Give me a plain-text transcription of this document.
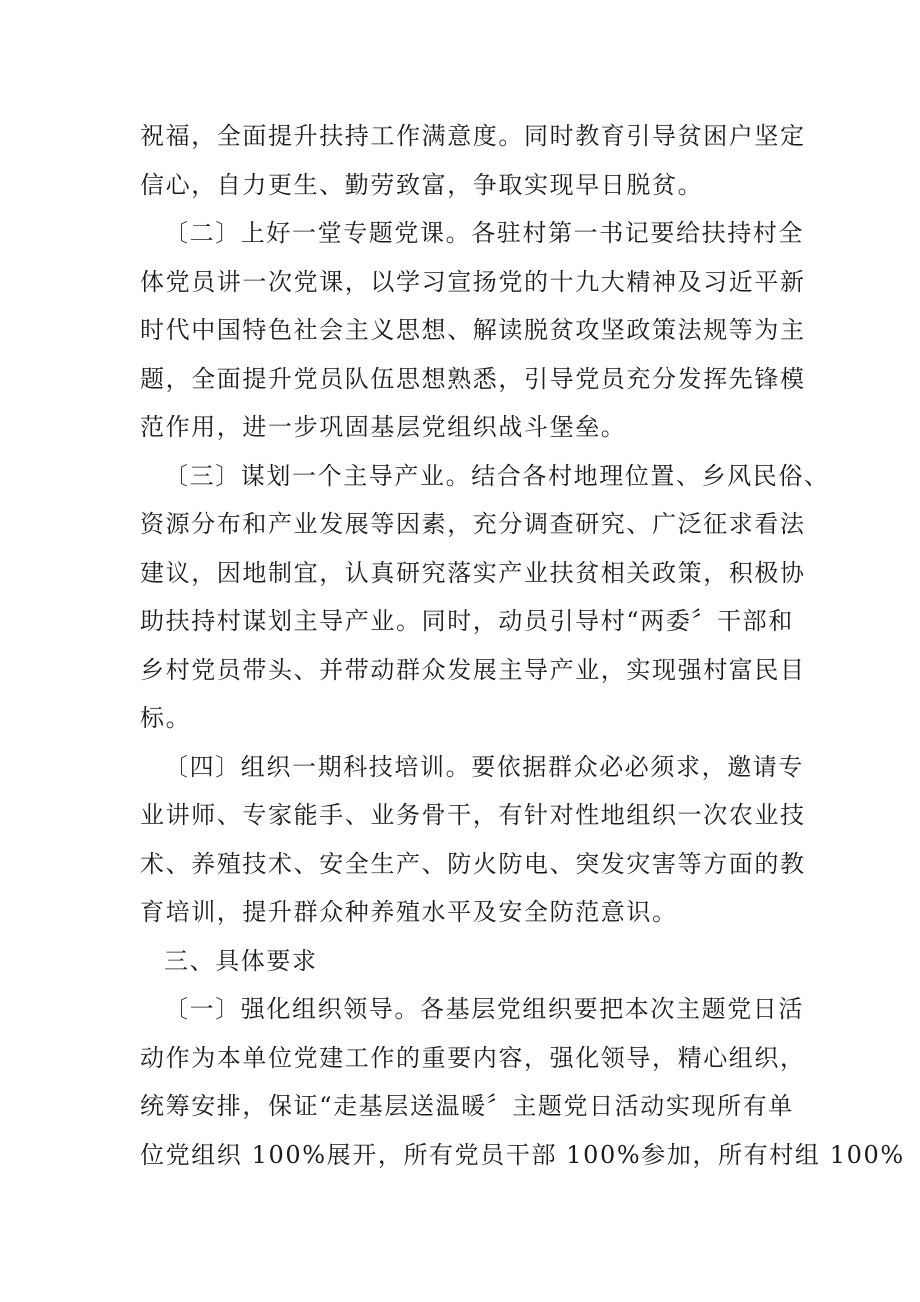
祝福，全面提升扶持工作满意度。同时教育引导贫困户坚定
信心，自力更生、勤劳致富，争取实现早日脱贫。
〔二〕上好一堂专题党课。各驻村第一书记要给扶持村全
体党员讲一次党课，以学习宣扬党的十九大精神及习近平新
时代中国特色社会主义思想、解读脱贫攻坚政策法规等为主
题，全面提升党员队伍思想熟悉，引导党员充分发挥先锋模
范作用，进一步巩固基层党组织战斗堡垒。
〔三〕谋划一个主导产业。结合各村地理位置、乡风民俗、
资源分布和产业发展等因素，充分调查研究、广泛征求看法
建议，因地制宜，认真研究落实产业扶贫相关政策，积极协
助扶持村谋划主导产业。同时，动员引导村“两委〞干部和
乡村党员带头、并带动群众发展主导产业，实现强村富民目
标。
〔四〕组织一期科技培训。要依据群众必必须求，邀请专
业讲师、专家能手、业务骨干，有针对性地组织一次农业技
术、养殖技术、安全生产、防火防电、突发灾害等方面的教
育培训，提升群众种养殖水平及安全防范意识。
三、具体要求
〔一〕强化组织领导。各基层党组织要把本次主题党日活
动作为本单位党建工作的重要内容，强化领导，精心组织，
统筹安排，保证“走基层送温暖〞主题党日活动实现所有单
位党组织 100%展开，所有党员干部 100%参加，所有村组 100%
